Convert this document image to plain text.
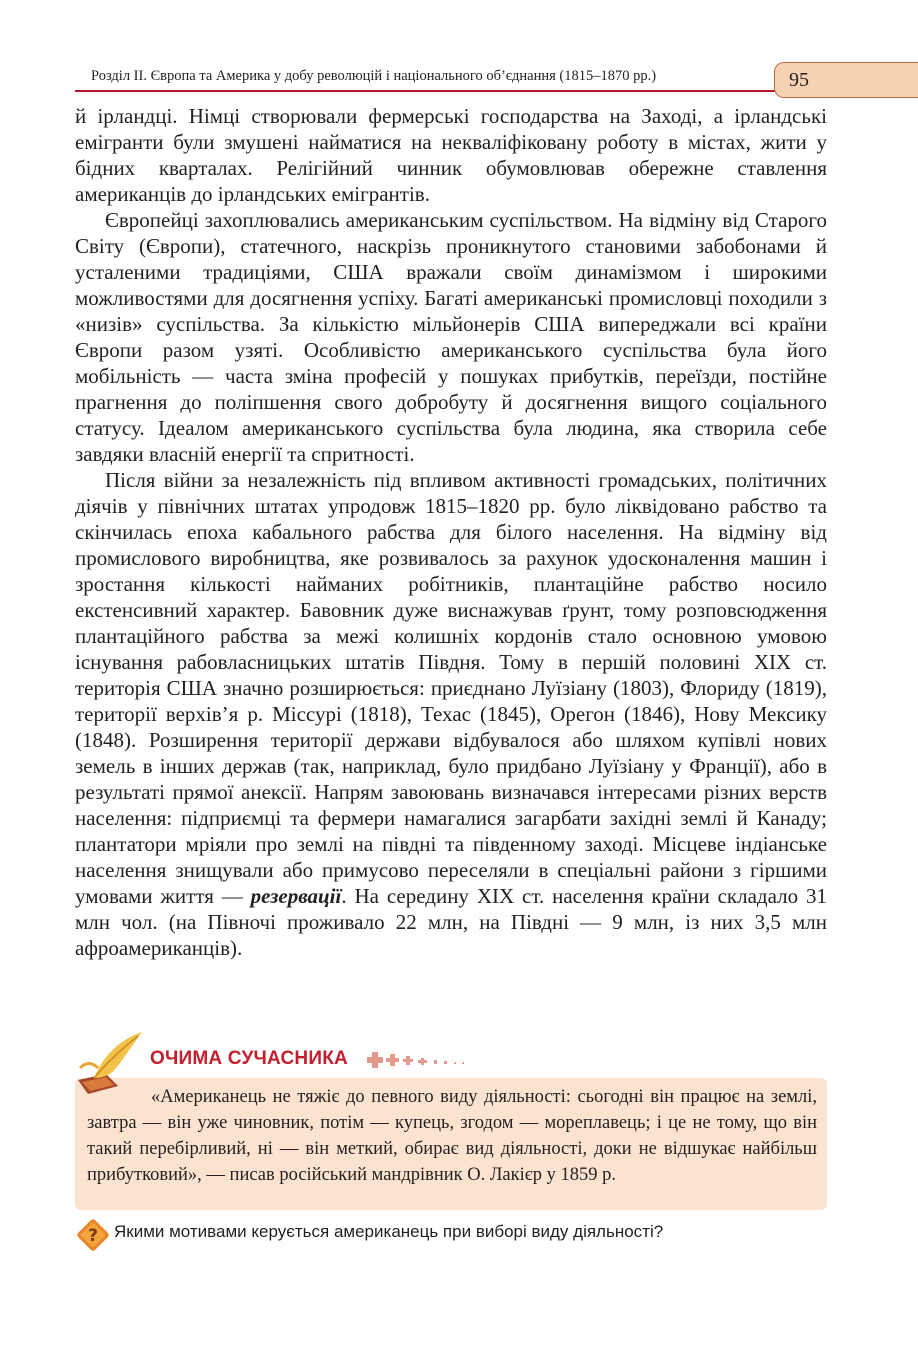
Розділ II. Європа та Америка у добу революцій і національного об’єднання (1815–1870 рр.)	95

й ірландці. Німці створювали фермерські господарства на Заході, а ірландські емігранти були змушені найматися на некваліфіковану роботу в містах, жити у бідних кварталах. Релігійний чинник обумовлював обережне ставлення американців до ірландських емігрантів.

Європейці захоплювались американським суспільством. На відміну від Старого Світу (Європи), статечного, наскрізь проникнутого становими забобонами й усталеними традиціями, США вражали своїм динамізмом і широкими можливостями для досягнення успіху. Багаті американські промисловці походили з «низів» суспільства. За кількістю мільйонерів США випереджали всі країни Європи разом узяті. Особливістю американського суспільства була його мобільність — часта зміна професій у пошуках прибутків, переїзди, постійне прагнення до поліпшення свого добробуту й досягнення вищого соціального статусу. Ідеалом американського суспільства була людина, яка створила себе завдяки власній енергії та спритності.

Після війни за незалежність під впливом активності громадських, політичних діячів у північних штатах упродовж 1815–1820 рр. було ліквідовано рабство та скінчилась епоха кабального рабства для білого населення. На відміну від промислового виробництва, яке розвивалось за рахунок удосконалення машин і зростання кількості найманих робітників, плантаційне рабство носило екстенсивний характер. Бавовник дуже виснажував ґрунт, тому розповсюдження плантаційного рабства за межі колишніх кордонів стало основною умовою існування рабовласницьких штатів Півдня. Тому в першій половині XIX ст. територія США значно розширюється: приєднано Луїзіану (1803), Флориду (1819), території верхів’я р. Міссурі (1818), Техас (1845), Орегон (1846), Нову Мексику (1848). Розширення території держави відбувалося або шляхом купівлі нових земель в інших держав (так, наприклад, було придбано Луїзіану у Франції), або в результаті прямої анексії. Напрям завоювань визначався інтересами різних верств населення: підприємці та фермери намагалися загарбати західні землі й Канаду; плантатори мріяли про землі на півдні та південному заході. Місцеве індіанське населення знищували або примусово переселяли в спеціальні райони з гіршими умовами життя — резервації. На середину XIX ст. населення країни складало 31 млн чол. (на Півночі проживало 22 млн, на Півдні — 9 млн, із них 3,5 млн афроамериканців).

«Американець не тяжіє до певного виду діяльності: сьогодні він працює на землі, завтра — він уже чиновник, потім — купець, згодом — мореплавець; і це не тому, що він такий перебірливий, ні — він меткий, обирає вид діяльності, доки не відшукає найбільш прибутковий», — писав російський мандрівник О. Лакієр у 1859 р.

ОЧИМА СУЧАСНИКА
? Якими мотивами керується американець при виборі виду діяльності?
